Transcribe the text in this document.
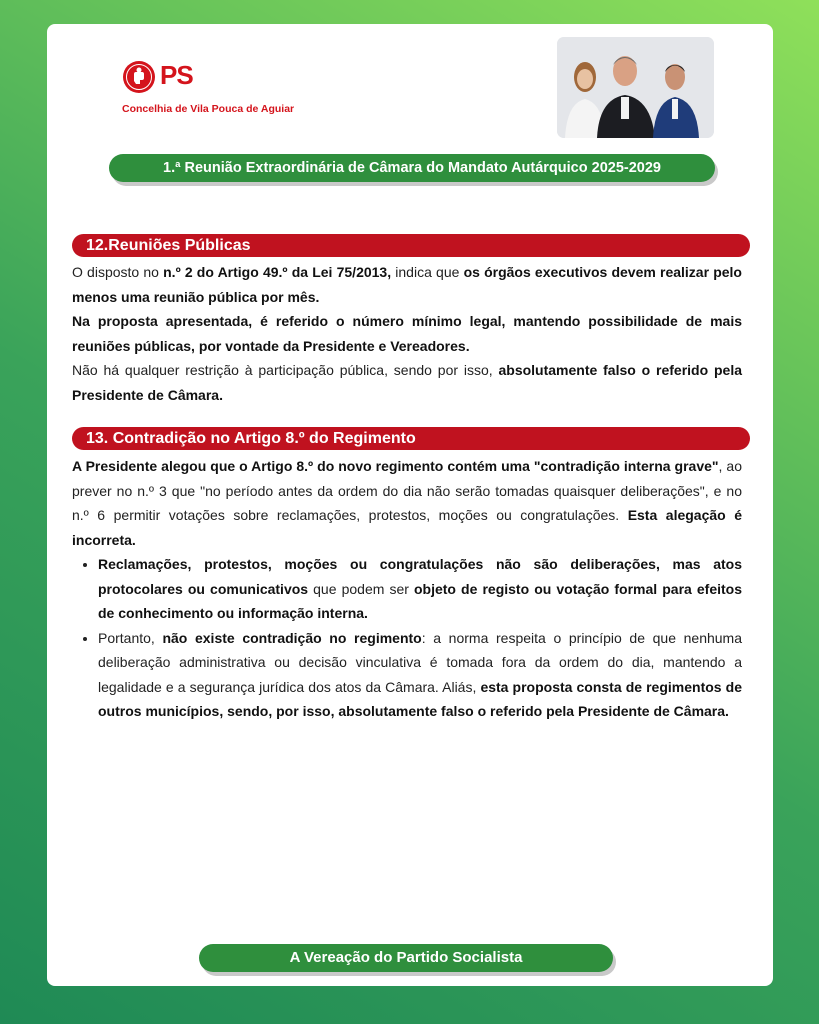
PS
Concelhia de Vila Pouca de Aguiar
1.ª Reunião Extraordinária de Câmara do Mandato Autárquico 2025-2029
12.Reuniões Públicas

O disposto no n.º 2 do Artigo 49.º da Lei 75/2013, indica que os órgãos executivos devem realizar pelo menos uma reunião pública por mês.

Na proposta apresentada, é referido o número mínimo legal, mantendo possibilidade de mais reuniões públicas, por vontade da Presidente e Vereadores.

Não há qualquer restrição à participação pública, sendo por isso, absolutamente falso o referido pela Presidente de Câmara.

13. Contradição no Artigo 8.º do Regimento

A Presidente alegou que o Artigo 8.º do novo regimento contém uma "contradição interna grave", ao prever no n.º 3 que "no período antes da ordem do dia não serão tomadas quaisquer deliberações", e no n.º 6 permitir votações sobre reclamações, protestos, moções ou congratulações. Esta alegação é incorreta.

• Reclamações, protestos, moções ou congratulações não são deliberações, mas atos protocolares ou comunicativos que podem ser objeto de registo ou votação formal para efeitos de conhecimento ou informação interna.
• Portanto, não existe contradição no regimento: a norma respeita o princípio de que nenhuma deliberação administrativa ou decisão vinculativa é tomada fora da ordem do dia, mantendo a legalidade e a segurança jurídica dos atos da Câmara. Aliás, esta proposta consta de regimentos de outros municípios, sendo, por isso, absolutamente falso o referido pela Presidente de Câmara.
A Vereação do Partido Socialista
